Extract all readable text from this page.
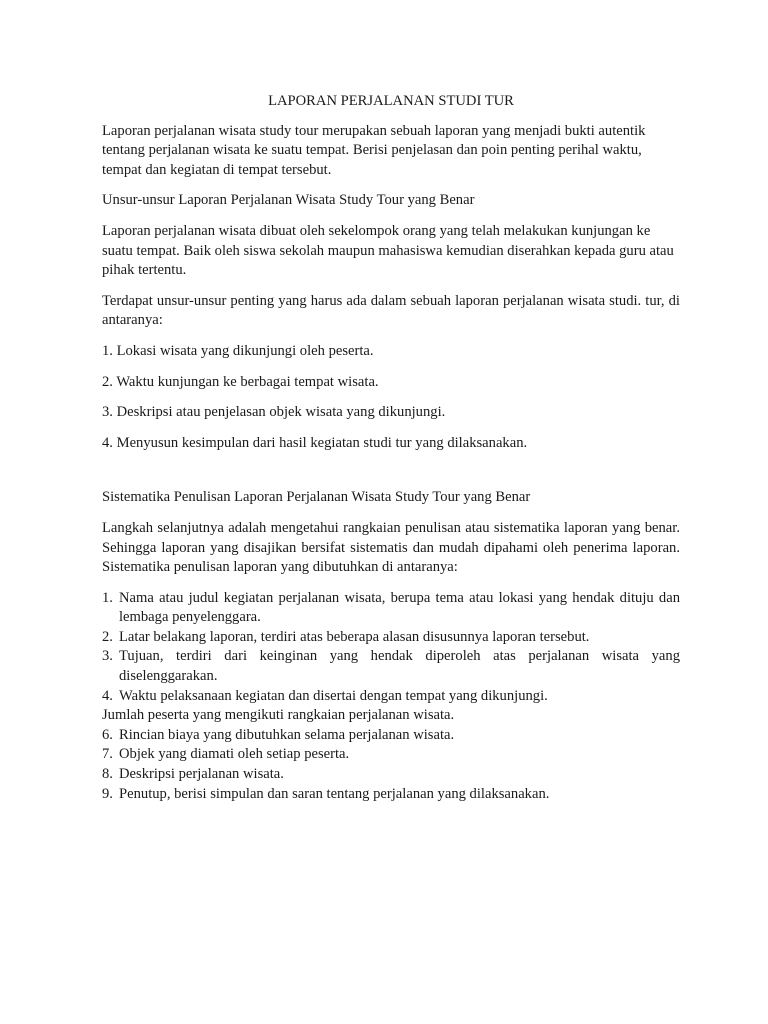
LAPORAN PERJALANAN STUDI TUR

Laporan perjalanan wisata study tour merupakan sebuah laporan yang menjadi bukti autentik tentang perjalanan wisata ke suatu tempat. Berisi penjelasan dan poin penting perihal waktu, tempat dan kegiatan di tempat tersebut.

Unsur-unsur Laporan Perjalanan Wisata Study Tour yang Benar

Laporan perjalanan wisata dibuat oleh sekelompok orang yang telah melakukan kunjungan ke suatu tempat. Baik oleh siswa sekolah maupun mahasiswa kemudian diserahkan kepada guru atau pihak tertentu.

Terdapat unsur-unsur penting yang harus ada dalam sebuah laporan perjalanan wisata studi. tur, di antaranya:

1. Lokasi wisata yang dikunjungi oleh peserta.

2. Waktu kunjungan ke berbagai tempat wisata.

3. Deskripsi atau penjelasan objek wisata yang dikunjungi.

4. Menyusun kesimpulan dari hasil kegiatan studi tur yang dilaksanakan.

Sistematika Penulisan Laporan Perjalanan Wisata Study Tour yang Benar

Langkah selanjutnya adalah mengetahui rangkaian penulisan atau sistematika laporan yang benar. Sehingga laporan yang disajikan bersifat sistematis dan mudah dipahami oleh penerima laporan. Sistematika penulisan laporan yang dibutuhkan di antaranya:

1. Nama atau judul kegiatan perjalanan wisata, berupa tema atau lokasi yang hendak dituju dan lembaga penyelenggara.
2. Latar belakang laporan, terdiri atas beberapa alasan disusunnya laporan tersebut.
3. Tujuan, terdiri dari keinginan yang hendak diperoleh atas perjalanan wisata yang diselenggarakan.
4. Waktu pelaksanaan kegiatan dan disertai dengan tempat yang dikunjungi.
Jumlah peserta yang mengikuti rangkaian perjalanan wisata.
6. Rincian biaya yang dibutuhkan selama perjalanan wisata.
7. Objek yang diamati oleh setiap peserta.
8. Deskripsi perjalanan wisata.
9. Penutup, berisi simpulan dan saran tentang perjalanan yang dilaksanakan.
